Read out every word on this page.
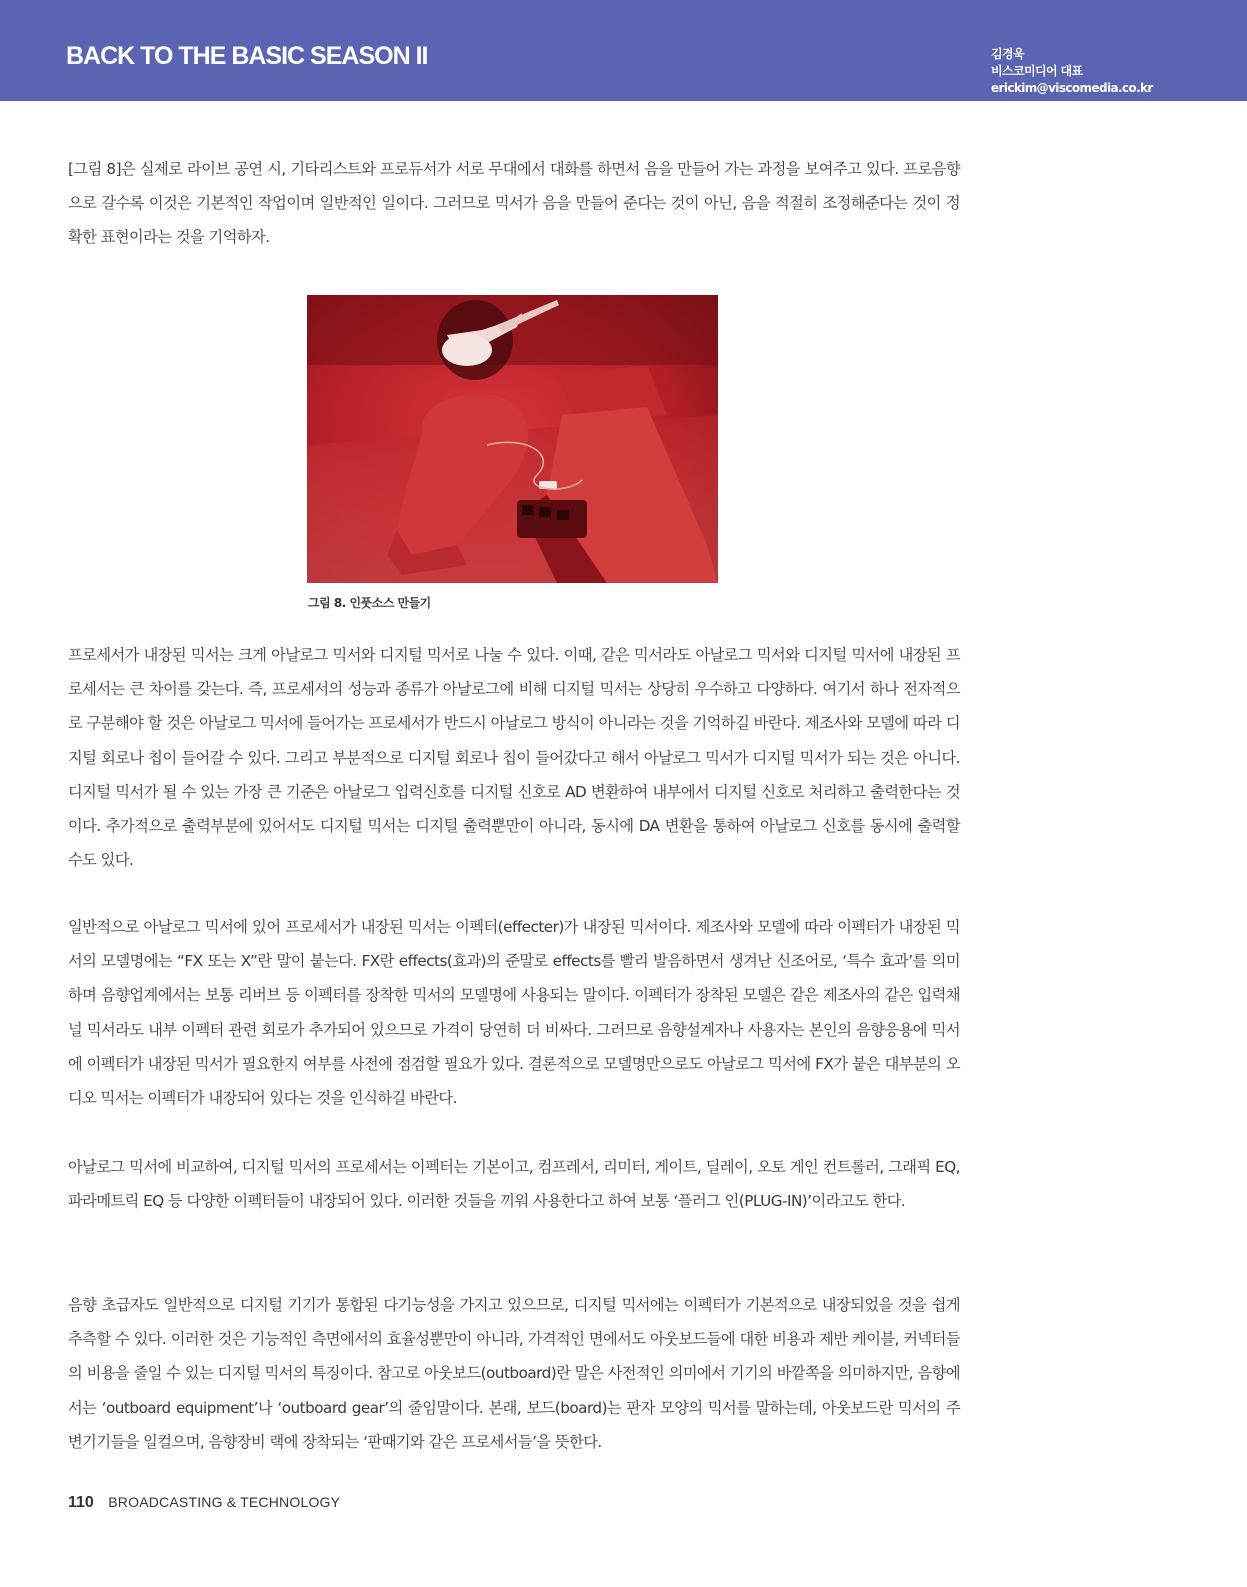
BACK TO THE BASIC SEASON II	김경욱
비스코미디어 대표
erickim@viscomedia.co.kr

[그림 8]은 실제로 라이브 공연 시, 기타리스트와 프로듀서가 서로 무대에서 대화를 하면서 음을 만들어 가는 과정을 보여주고 있다. 프로음향으로 갈수록 이것은 기본적인 작업이며 일반적인 일이다. 그러므로 믹서가 음을 만들어 준다는 것이 아닌, 음을 적절히 조정해준다는 것이 정확한 표현이라는 것을 기억하자.

그림 8. 인풋소스 만들기

프로세서가 내장된 믹서는 크게 아날로그 믹서와 디지털 믹서로 나눌 수 있다. 이때, 같은 믹서라도 아날로그 믹서와 디지털 믹서에 내장된 프로세서는 큰 차이를 갖는다. 즉, 프로세서의 성능과 종류가 아날로그에 비해 디지털 믹서는 상당히 우수하고 다양하다. 여기서 하나 전자적으로 구분해야 할 것은 아날로그 믹서에 들어가는 프로세서가 반드시 아날로그 방식이 아니라는 것을 기억하길 바란다. 제조사와 모델에 따라 디지털 회로나 칩이 들어갈 수 있다. 그리고 부분적으로 디지털 회로나 칩이 들어갔다고 해서 아날로그 믹서가 디지털 믹서가 되는 것은 아니다. 디지털 믹서가 될 수 있는 가장 큰 기준은 아날로그 입력신호를 디지털 신호로 AD 변환하여 내부에서 디지털 신호로 처리하고 출력한다는 것이다. 추가적으로 출력부분에 있어서도 디지털 믹서는 디지털 출력뿐만이 아니라, 동시에 DA 변환을 통하여 아날로그 신호를 동시에 출력할 수도 있다.

일반적으로 아날로그 믹서에 있어 프로세서가 내장된 믹서는 이펙터(effecter)가 내장된 믹서이다. 제조사와 모델에 따라 이펙터가 내장된 믹서의 모델명에는 “FX 또는 X”란 말이 붙는다. FX란 effects(효과)의 준말로 effects를 빨리 발음하면서 생겨난 신조어로, ‘특수 효과’를 의미하며 음향업계에서는 보통 리버브 등 이펙터를 장착한 믹서의 모델명에 사용되는 말이다. 이펙터가 장착된 모델은 같은 제조사의 같은 입력채널 믹서라도 내부 이펙터 관련 회로가 추가되어 있으므로 가격이 당연히 더 비싸다. 그러므로 음향설계자나 사용자는 본인의 음향응용에 믹서에 이펙터가 내장된 믹서가 필요한지 여부를 사전에 점검할 필요가 있다. 결론적으로 모델명만으로도 아날로그 믹서에 FX가 붙은 대부분의 오디오 믹서는 이펙터가 내장되어 있다는 것을 인식하길 바란다.

아날로그 믹서에 비교하여, 디지털 믹서의 프로세서는 이펙터는 기본이고, 컴프레서, 리미터, 게이트, 딜레이, 오토 게인 컨트롤러, 그래픽 EQ, 파라메트릭 EQ 등 다양한 이펙터들이 내장되어 있다. 이러한 것들을 끼워 사용한다고 하여 보통 ‘플러그 인(PLUG-IN)’이라고도 한다.

음향 초급자도 일반적으로 디지털 기기가 통합된 다기능성을 가지고 있으므로, 디지털 믹서에는 이펙터가 기본적으로 내장되었을 것을 쉽게 추측할 수 있다. 이러한 것은 기능적인 측면에서의 효율성뿐만이 아니라, 가격적인 면에서도 아웃보드들에 대한 비용과 제반 케이블, 커넥터들의 비용을 줄일 수 있는 디지털 믹서의 특징이다. 참고로 아웃보드(outboard)란 말은 사전적인 의미에서 기기의 바깥쪽을 의미하지만, 음향에서는 ‘outboard equipment’나 ‘outboard gear’의 줄임말이다. 본래, 보드(board)는 판자 모양의 믹서를 말하는데, 아웃보드란 믹서의 주변기기들을 일컬으며, 음향장비 랙에 장착되는 ‘판때기와 같은 프로세서들’을 뜻한다.

110 BROADCASTING & TECHNOLOGY
